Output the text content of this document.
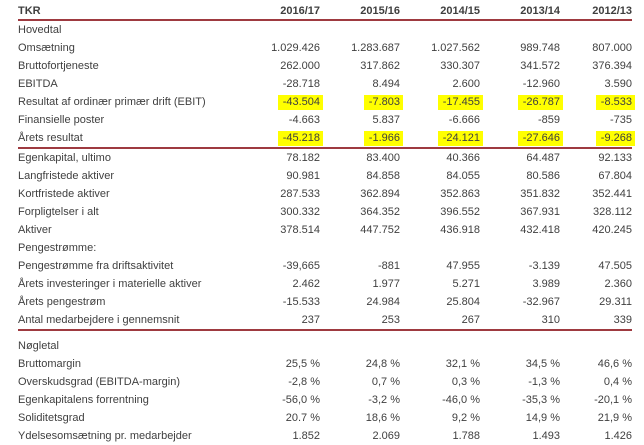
TKR	2016/17	2015/16	2014/15	2013/14	2012/13
Hovedtal					
Omsætning	1.029.426	1.283.687	1.027.562	989.748	807.000
Bruttofortjeneste	262.000	317.862	330.307	341.572	376.394
EBITDA	-28.718	8.494	2.600	-12.960	3.590
Resultat af ordinær primær drift (EBIT)	-43.504	-7.803	-17.455	-26.787	-8.533
Finansielle poster	-4.663	5.837	-6.666	-859	-735
Årets resultat	-45.218	-1.966	-24.121	-27.646	-9.268
Egenkapital, ultimo	78.182	83.400	40.366	64.487	92.133
Langfristede aktiver	90.981	84.858	84.055	80.586	67.804
Kortfristede aktiver	287.533	362.894	352.863	351.832	352.441
Forpligtelser i alt	300.332	364.352	396.552	367.931	328.112
Aktiver	378.514	447.752	436.918	432.418	420.245
Pengestrømme:					
Pengestrømme fra driftsaktivitet	-39,665	-881	47.955	-3.139	47.505
Årets investeringer i materielle aktiver	2.462	1.977	5.271	3.989	2.360
Årets pengestrøm	-15.533	24.984	25.804	-32.967	29.311
Antal medarbejdere i gennemsnit	237	253	267	310	339
Nøgletal					
Bruttomargin	25,5 %	24,8 %	32,1 %	34,5 %	46,6 %
Overskudsgrad (EBITDA-margin)	-2,8 %	0,7 %	0,3 %	-1,3 %	0,4 %
Egenkapitalens forrentning	-56,0 %	-3,2 %	-46,0 %	-35,3 %	-20,1 %
Soliditetsgrad	20.7 %	18,6 %	9,2 %	14,9 %	21,9 %
Ydelsesomsætning pr. medarbejder	1.852	2.069	1.788	1.493	1.426
